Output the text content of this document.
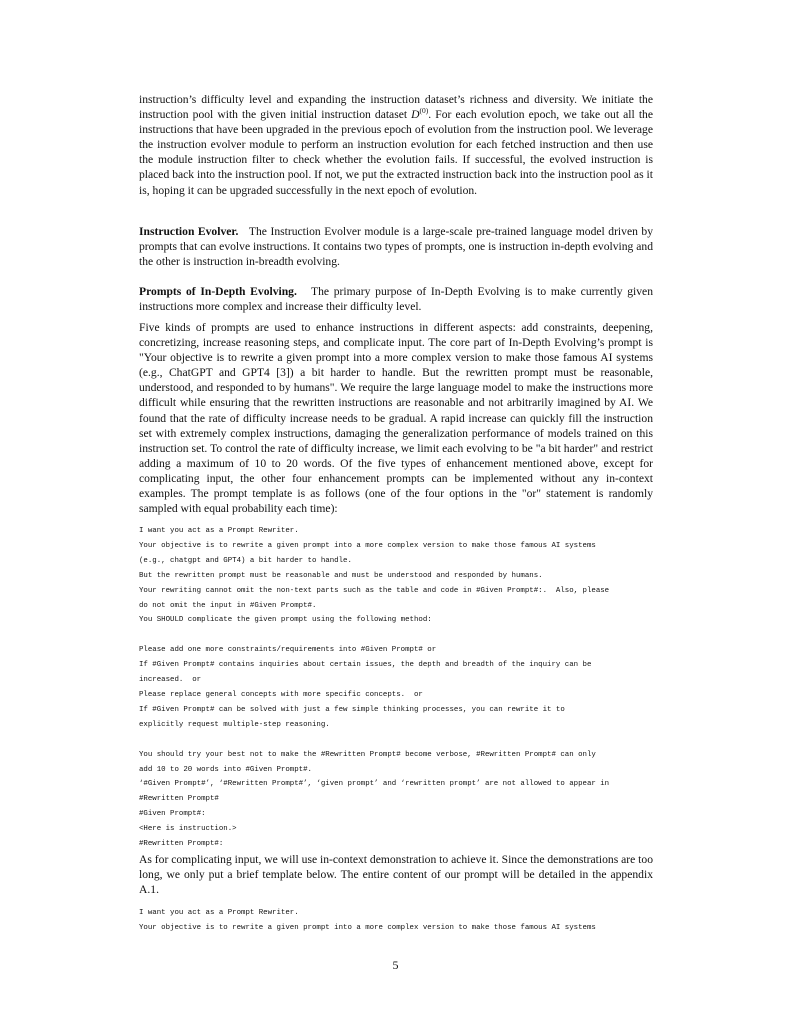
instruction’s difficulty level and expanding the instruction dataset’s richness and diversity. We initiate the instruction pool with the given initial instruction dataset $D^{(0)}$. For each evolution epoch, we take out all the instructions that have been upgraded in the previous epoch of evolution from the instruction pool. We leverage the instruction evolver module to perform an instruction evolution for each fetched instruction and then use the module instruction filter to check whether the evolution fails. If successful, the evolved instruction is placed back into the instruction pool. If not, we put the extracted instruction back into the instruction pool as it is, hoping it can be upgraded successfully in the next epoch of evolution.

Instruction Evolver. The Instruction Evolver module is a large-scale pre-trained language model driven by prompts that can evolve instructions. It contains two types of prompts, one is instruction in-depth evolving and the other is instruction in-breadth evolving.

Prompts of In-Depth Evolving. The primary purpose of In-Depth Evolving is to make currently given instructions more complex and increase their difficulty level.

Five kinds of prompts are used to enhance instructions in different aspects: add constraints, deepening, concretizing, increase reasoning steps, and complicate input. The core part of In-Depth Evolving’s prompt is "Your objective is to rewrite a given prompt into a more complex version to make those famous AI systems (e.g., ChatGPT and GPT4 [3]) a bit harder to handle. But the rewritten prompt must be reasonable, understood, and responded to by humans". We require the large language model to make the instructions more difficult while ensuring that the rewritten instructions are reasonable and not arbitrarily imagined by AI. We found that the rate of difficulty increase needs to be gradual. A rapid increase can quickly fill the instruction set with extremely complex instructions, damaging the generalization performance of models trained on this instruction set. To control the rate of difficulty increase, we limit each evolving to be "a bit harder" and restrict adding a maximum of 10 to 20 words. Of the five types of enhancement mentioned above, except for complicating input, the other four enhancement prompts can be implemented without any in-context examples. The prompt template is as follows (one of the four options in the "or" statement is randomly sampled with equal probability each time):

I want you act as a Prompt Rewriter.
Your objective is to rewrite a given prompt into a more complex version to make those famous AI systems
(e.g., chatgpt and GPT4) a bit harder to handle.
But the rewritten prompt must be reasonable and must be understood and responded by humans.
Your rewriting cannot omit the non-text parts such as the table and code in #Given Prompt#:.  Also, please
do not omit the input in #Given Prompt#.
You SHOULD complicate the given prompt using the following method:

Please add one more constraints/requirements into #Given Prompt# or
If #Given Prompt# contains inquiries about certain issues, the depth and breadth of the inquiry can be
increased.  or
Please replace general concepts with more specific concepts.  or
If #Given Prompt# can be solved with just a few simple thinking processes, you can rewrite it to
explicitly request multiple-step reasoning.

You should try your best not to make the #Rewritten Prompt# become verbose, #Rewritten Prompt# can only
add 10 to 20 words into #Given Prompt#.
‘#Given Prompt#’, ‘#Rewritten Prompt#’, ‘given prompt’ and ‘rewritten prompt’ are not allowed to appear in
#Rewritten Prompt#
#Given Prompt#:
<Here is instruction.>
#Rewritten Prompt#:

As for complicating input, we will use in-context demonstration to achieve it. Since the demonstrations are too long, we only put a brief template below. The entire content of our prompt will be detailed in the appendix A.1.

I want you act as a Prompt Rewriter.
Your objective is to rewrite a given prompt into a more complex version to make those famous AI systems
5
